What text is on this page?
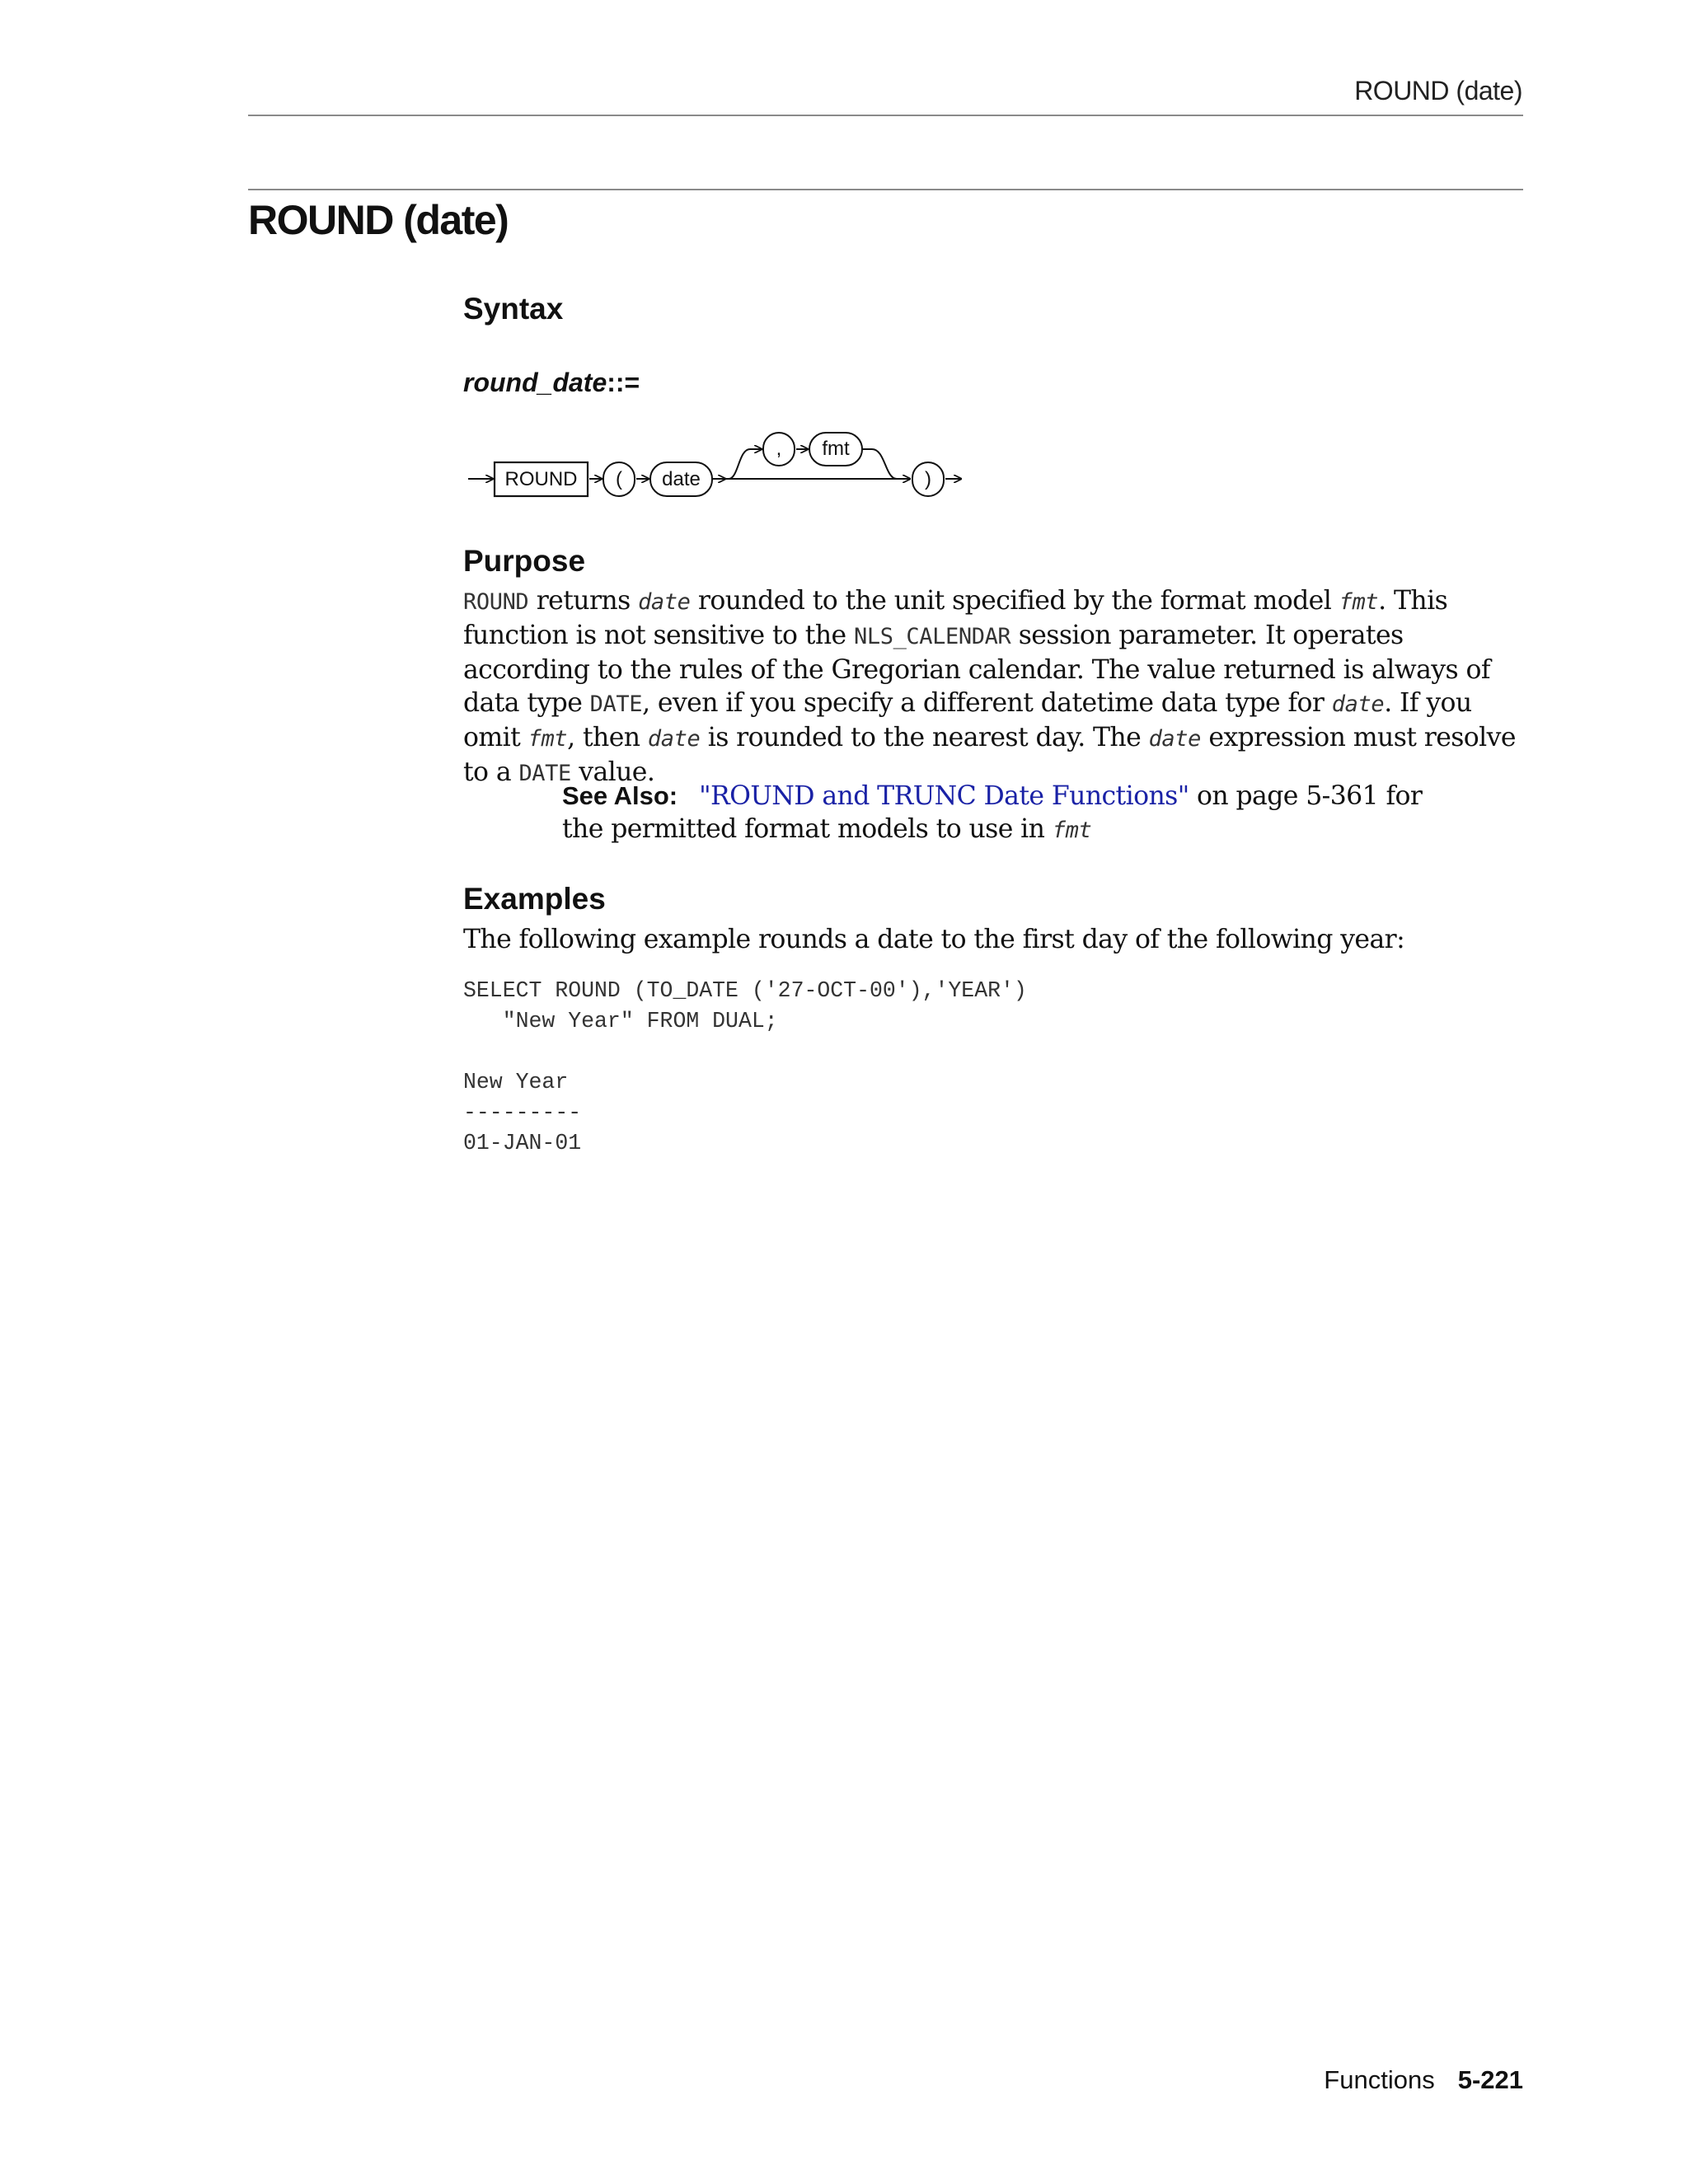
ROUND (date)
ROUND (date)
Syntax

round_date::=

ROUND ( date
, fmt
)
Purpose

ROUND returns date rounded to the unit specified by the format model fmt. This function is not sensitive to the NLS_CALENDAR session parameter. It operates according to the rules of the Gregorian calendar. The value returned is always of data type DATE, even if you specify a different datetime data type for date. If you omit fmt, then date is rounded to the nearest day. The date expression must resolve to a DATE value.

See Also: "ROUND and TRUNC Date Functions" on page 5-361 for the permitted format models to use in fmt

Examples

The following example rounds a date to the first day of the following year:

SELECT ROUND (TO_DATE ('27-OCT-00'),'YEAR')
"New Year" FROM DUAL;
New Year
---------
01-JAN-01
Functions 5-221
